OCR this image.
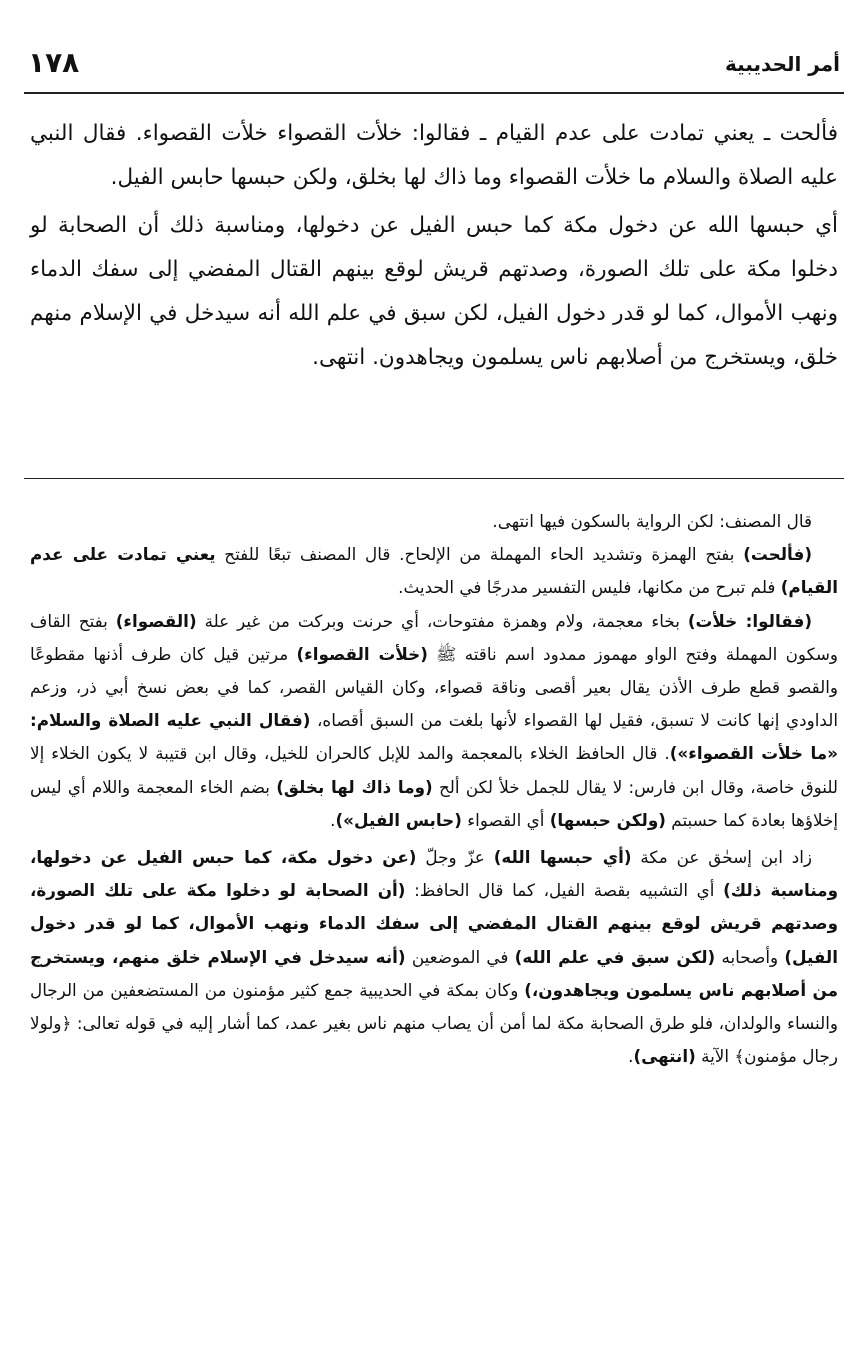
١٧٨	أمر الحديبية

فألحت ـ يعني تمادت على عدم القيام ـ فقالوا: خلأت القصواء خلأت القصواء. فقال النبي عليه الصلاة والسلام ما خلأت القصواء وما ذاك لها بخلق، ولكن حبسها حابس الفيل.

أي حبسها الله عن دخول مكة كما حبس الفيل عن دخولها، ومناسبة ذلك أن الصحابة لو دخلوا مكة على تلك الصورة، وصدتهم قريش لوقع بينهم القتال المفضي إلى سفك الدماء ونهب الأموال، كما لو قدر دخول الفيل، لكن سبق في علم الله أنه سيدخل في الإسلام منهم خلق، ويستخرج من أصلابهم ناس يسلمون ويجاهدون. انتهى.

قال المصنف: لكن الرواية بالسكون فيها انتهى.

(فألحت) بفتح الهمزة وتشديد الحاء المهملة من الإلحاح. قال المصنف تبعًا للفتح يعني تمادت على عدم القيام) فلم تبرح من مكانها، فليس التفسير مدرجًا في الحديث.

(فقالوا: خلأت) بخاء معجمة، ولام وهمزة مفتوحات، أي حرنت وبركت من غير علة (القصواء) بفتح القاف وسكون المهملة وفتح الواو مهموز ممدود اسم ناقته ﷺ (خلأت القصواء) مرتين قيل كان طرف أذنها مقطوعًا والقصو قطع طرف الأذن يقال بعير أقصى وناقة قصواء، وكان القياس القصر، كما في بعض نسخ أبي ذر، وزعم الداودي إنها كانت لا تسبق، فقيل لها القصواء لأنها بلغت من السبق أقصاه، (فقال النبي عليه الصلاة والسلام: «ما خلأت القصواء»). قال الحافظ الخلاء بالمعجمة والمد للإبل كالحران للخيل، وقال ابن قتيبة لا يكون الخلاء إلا للنوق خاصة، وقال ابن فارس: لا يقال للجمل خلأ لكن ألح (وما ذاك لها بخلق) بضم الخاء المعجمة واللام أي ليس إخلاؤها بعادة كما حسبتم (ولكن حبسها) أي القصواء (حابس الفيل»).

زاد ابن إسحٰق عن مكة (أي حبسها الله) عزّ وجلّ (عن دخول مكة، كما حبس الفيل عن دخولها، ومناسبة ذلك) أي التشبيه بقصة الفيل، كما قال الحافظ: (أن الصحابة لو دخلوا مكة على تلك الصورة، وصدتهم قريش لوقع بينهم القتال المفضي إلى سفك الدماء ونهب الأموال، كما لو قدر دخول الفيل) وأصحابه (لكن سبق في علم الله) في الموضعين (أنه سيدخل في الإسلام خلق منهم، ويستخرج من أصلابهم ناس يسلمون ويجاهدون،) وكان بمكة في الحديبية جمع كثير مؤمنون من المستضعفين من الرجال والنساء والولدان، فلو طرق الصحابة مكة لما أمن أن يصاب منهم ناس بغير عمد، كما أشار إليه في قوله تعالى: ﴿ولولا رجال مؤمنون﴾ الآية (انتهى).
